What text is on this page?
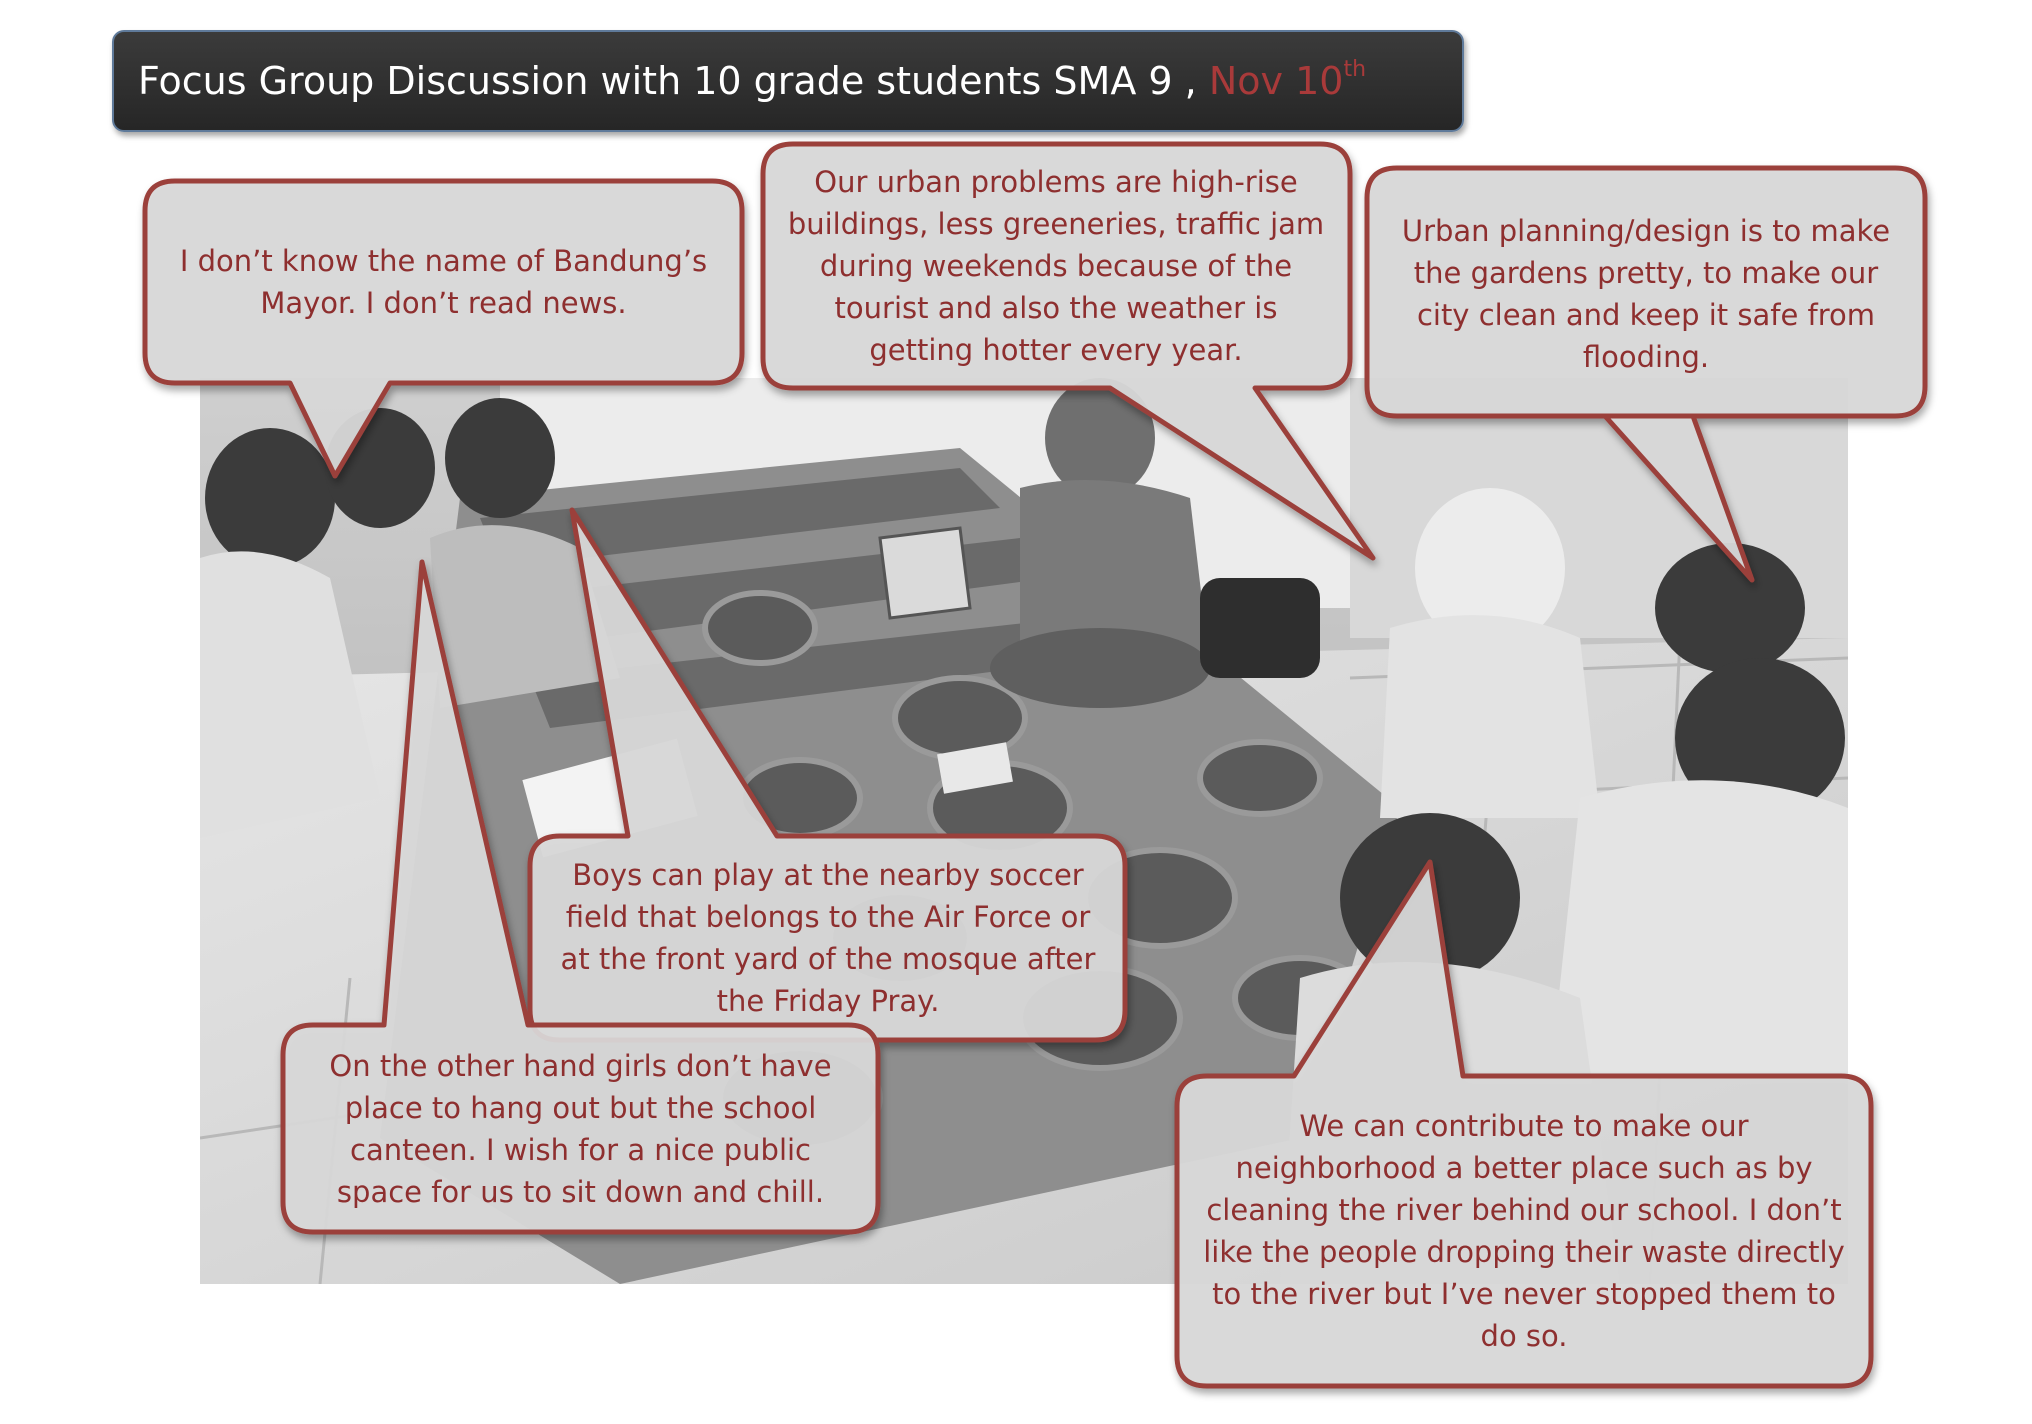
Focus Group Discussion with 10 grade students SMA 9 , Nov 10th
I don’t know the name of Bandung’s Mayor. I don’t read news.
Our urban problems are high-rise buildings, less greeneries, traffic jam during weekends because of the tourist and also the weather is getting hotter every year.
Urban planning/design is to make the gardens pretty, to make our city clean and keep it safe from flooding.
Boys can play at the nearby soccer field that belongs to the Air Force or at the front yard of the mosque after the Friday Pray.
On the other hand girls don’t have place to hang out but the school canteen. I wish for a nice public space for us to sit down and chill.
We can contribute to make our neighborhood a better place such as by cleaning the river behind our school. I don’t like the people dropping their waste directly to the river but I’ve never stopped them to do so.
